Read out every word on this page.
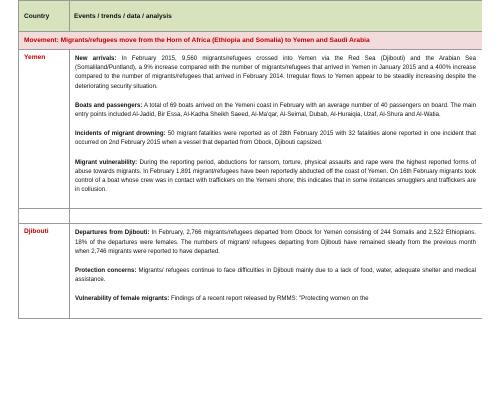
Country	Events / trends / data / analysis
Movement: Migrants/refugees move from the Horn of Africa (Ethiopia and Somalia) to Yemen and Saudi Arabia	
Yemen	New arrivals: In February 2015, 9,560 migrants/refugees crossed into Yemen via the Red Sea (Djibouti) and the Arabian Sea (Somaliland/Puntland), a 9% increase compared with the number of migrants/refugees that arrived in Yemen in January 2015 and a 400% increase compared to the number of migrants/refugees that arrived in February 2014. Irregular flows to Yemen appear to be steadily increasing despite the deteriorating security situation.

Boats and passengers: A total of 69 boats arrived on the Yemeni coast in February with an average number of 40 passengers on board. The main entry points included Al-Jadid, Bir Essa, Al-Kadha Sheikh Saeed, Al-Ma'qar, Al-Seimal, Dubab, Al-Huraiqia, Uzaf, Al-Shura and Al-Watia.

Incidents of migrant drowning: 50 migrant fatalities were reported as of 28th February 2015 with 32 fatalities alone reported in one incident that occurred on 2nd February 2015 when a vessel that departed from Obock, Djibouti capsized.

Migrant vulnerability: During the reporting period, abductions for ransom, torture, physical assaults and rape were the highest reported forms of abuse towards migrants. In February 1,891 migrant/refugees have been reportedly abducted off the coast of Yemen. On 16th February migrants took control of a boat whose crew was in contact with traffickers on the Yemeni shore; this indicates that in some instances smugglers and traffickers are in collusion.

Djibouti	Departures from Djibouti: In February, 2,766 migrants/refugees departed from Obock for Yemen consisting of 244 Somalis and 2,522 Ethiopians. 18% of the departures were females. The numbers of migrant/ refugees departing from Djibouti have remained steady from the previous month when 2,746 migrants were reported to have departed.

Protection concerns: Migrants/ refugees continue to face difficulties in Djibouti mainly due to a lack of food, water, adequate shelter and medical assistance.

Vulnerability of female migrants: Findings of a recent report released by RMMS: "Protecting women on the
